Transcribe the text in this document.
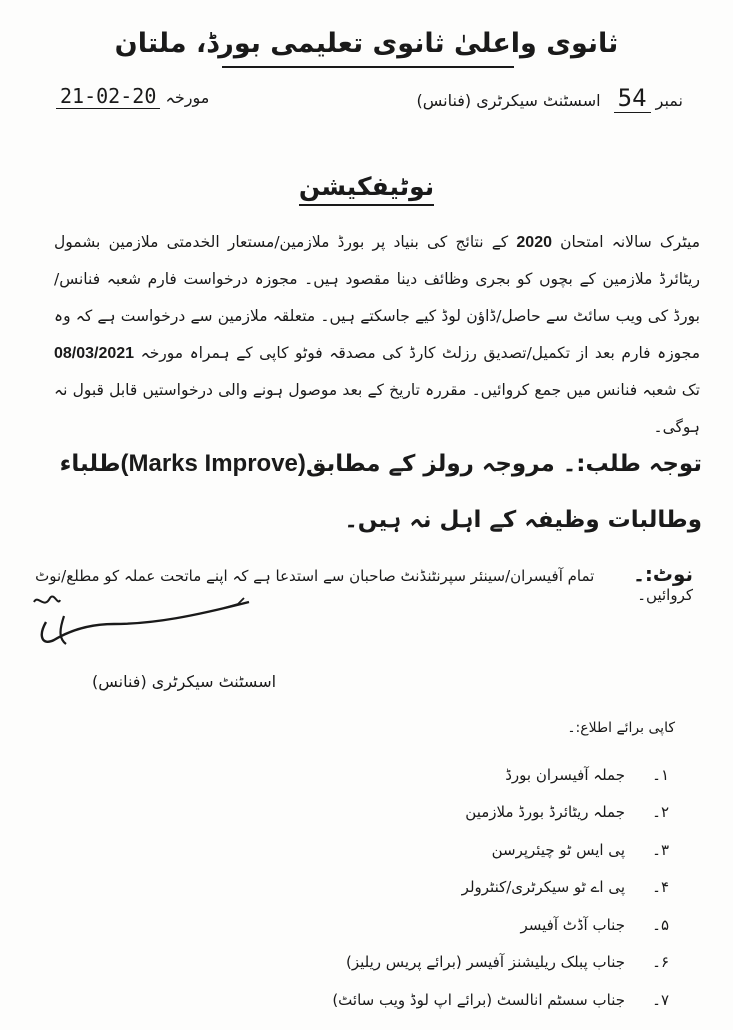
ثانوی واعلیٰ ثانوی تعلیمی بورڈ، ملتان
نمبر 54 اسسٹنٹ سیکرٹری (فنانس)
مورخہ 20-02-21
نوٹیفکیشن
میٹرک سالانہ امتحان 2020 کے نتائج کی بنیاد پر بورڈ ملازمین/مستعار الخدمتی ملازمین بشمول ریٹائرڈ ملازمین کے بچوں کو بجری وظائف دینا مقصود ہیں۔ مجوزہ درخواست فارم شعبہ فنانس/بورڈ کی ویب سائٹ سے حاصل/ڈاؤن لوڈ کیے جاسکتے ہیں۔ متعلقہ ملازمین سے درخواست ہے کہ وہ مجوزہ فارم بعد از تکمیل/تصدیق رزلٹ کارڈ کی مصدقہ فوٹو کاپی کے ہمراہ مورخہ 08/03/2021 تک شعبہ فنانس میں جمع کروائیں۔ مقررہ تاریخ کے بعد موصول ہونے والی درخواستیں قابل قبول نہ ہوگی۔
توجہ طلب:۔ مروجہ رولز کے مطابق(Marks Improve)طلباء وطالبات وظیفہ کے اہل نہ ہیں۔
نوٹ:۔ تمام آفیسران/سینئر سپرنٹنڈنٹ صاحبان سے استدعا ہے کہ اپنے ماتحت عملہ کو مطلع/نوٹ کروائیں۔
اسسٹنٹ سیکرٹری (فنانس)
کاپی برائے اطلاع:۔
۱۔
جملہ آفیسران بورڈ
۲۔
جملہ ریٹائرڈ بورڈ ملازمین
۳۔
پی ایس ٹو چیئرپرسن
۴۔
پی اے ٹو سیکرٹری/کنٹرولر
۵۔
جناب آڈٹ آفیسر
۶۔
جناب پبلک ریلیشنز آفیسر (برائے پریس ریلیز)
۷۔
جناب سسٹم انالسٹ (برائے اپ لوڈ ویب سائٹ)
